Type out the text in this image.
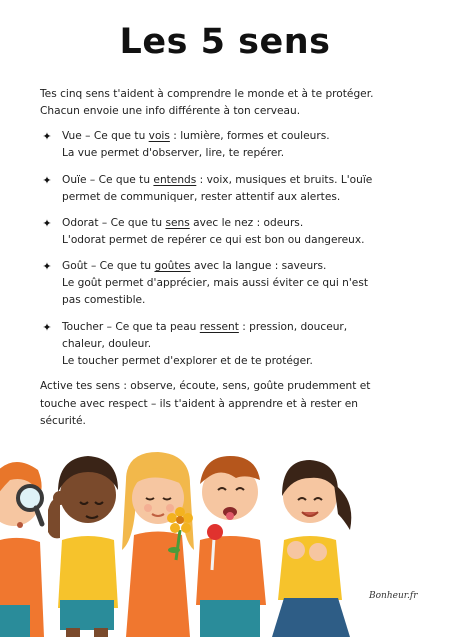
Les 5 sens

Tes cinq sens t'aident à comprendre le monde et à te protéger.

Chacun envoie une info différente à ton cerveau.

✦ Vue – Ce que tu vois : lumière, formes et couleurs.
La vue permet d'observer, lire, te repérer.
✦ Ouïe – Ce que tu entends : voix, musiques et bruits. L'ouïe
permet de communiquer, rester attentif aux alertes.
✦ Odorat – Ce que tu sens avec le nez : odeurs.
L'odorat permet de repérer ce qui est bon ou dangereux.
✦ Goût – Ce que tu goûtes avec la langue : saveurs.
Le goût permet d'apprécier, mais aussi éviter ce qui n'est
pas comestible.
✦ Toucher – Ce que ta peau ressent : pression, douceur,
chaleur, douleur.
Le toucher permet d'explorer et de te protéger.

Active tes sens : observe, écoute, sens, goûte prudemment et

touche avec respect – ils t'aident à apprendre et à rester en

sécurité.

Bonheur.fr
